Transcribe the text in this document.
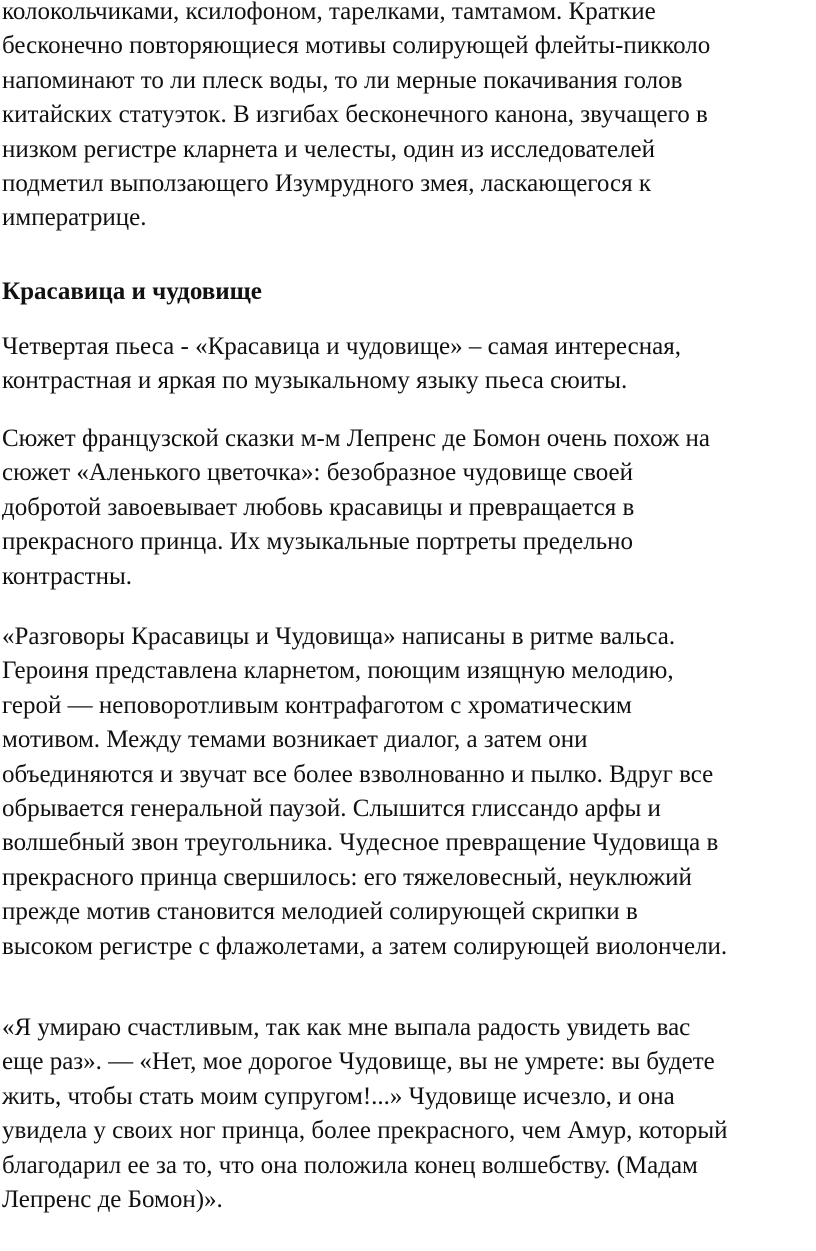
колокольчиками, ксилофоном, тарелками, тамтамом. Краткие
бесконечно повторяющиеся мотивы солирующей флейты-пикколо
напоминают то ли плеск воды, то ли мерные покачивания голов
китайских статуэток. В изгибах бесконечного канона, звучащего в
низком регистре кларнета и челесты, один из исследователей
подметил выползающего Изумрудного змея, ласкающегося к
императрице.

Красавица и чудовище

Четвертая пьеса - «Красавица и чудовище» – самая интересная,
контрастная и яркая по музыкальному языку пьеса сюиты.

Сюжет французской сказки м-м Лепренс де Бомон очень похож на
сюжет «Аленького цветочка»: безобразное чудовище своей
добротой завоевывает любовь красавицы и превращается в
прекрасного принца. Их музыкальные портреты предельно
контрастны.

«Разговоры Красавицы и Чудовища» написаны в ритме вальса.
Героиня представлена кларнетом, поющим изящную мелодию,
герой — неповоротливым контрафаготом с хроматическим
мотивом. Между темами возникает диалог, а затем они
объединяются и звучат все более взволнованно и пылко. Вдруг все
обрывается генеральной паузой. Слышится глиссандо арфы и
волшебный звон треугольника. Чудесное превращение Чудовища в
прекрасного принца свершилось: его тяжеловесный, неуклюжий
прежде мотив становится мелодией солирующей скрипки в
высоком регистре с флажолетами, а затем солирующей виолончели.

«Я умираю счастливым, так как мне выпала радость увидеть вас
еще раз». — «Нет, мое дорогое Чудовище, вы не умрете: вы будете
жить, чтобы стать моим супругом!...» Чудовище исчезло, и она
увидела у своих ног принца, более прекрасного, чем Амур, который
благодарил ее за то, что она положила конец волшебству. (Мадам
Лепренс де Бомон)».
